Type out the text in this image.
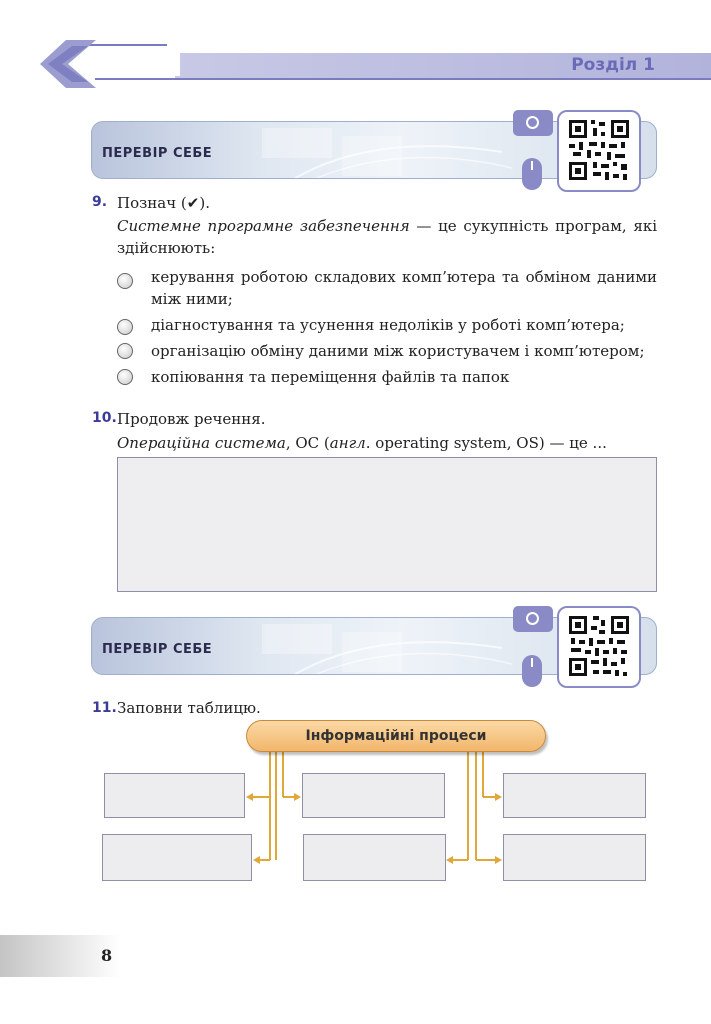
Розділ 1
ПЕРЕВІР СЕБЕ
9. Познач (✔).
Системне програмне забезпечення — це сукупність програм, які здійснюють:
керування роботою складових комп’ютера та обміном даними між ними;
діагностування та усунення недоліків у роботі комп’ютера;
організацію обміну даними між користувачем і комп’ютером;
копіювання та переміщення файлів та папок
10. Продовж речення.
Операційна система, ОС (англ. operating system, OS) — це ...
ПЕРЕВІР СЕБЕ
11. Заповни таблицю.
Інформаційні процеси
8
